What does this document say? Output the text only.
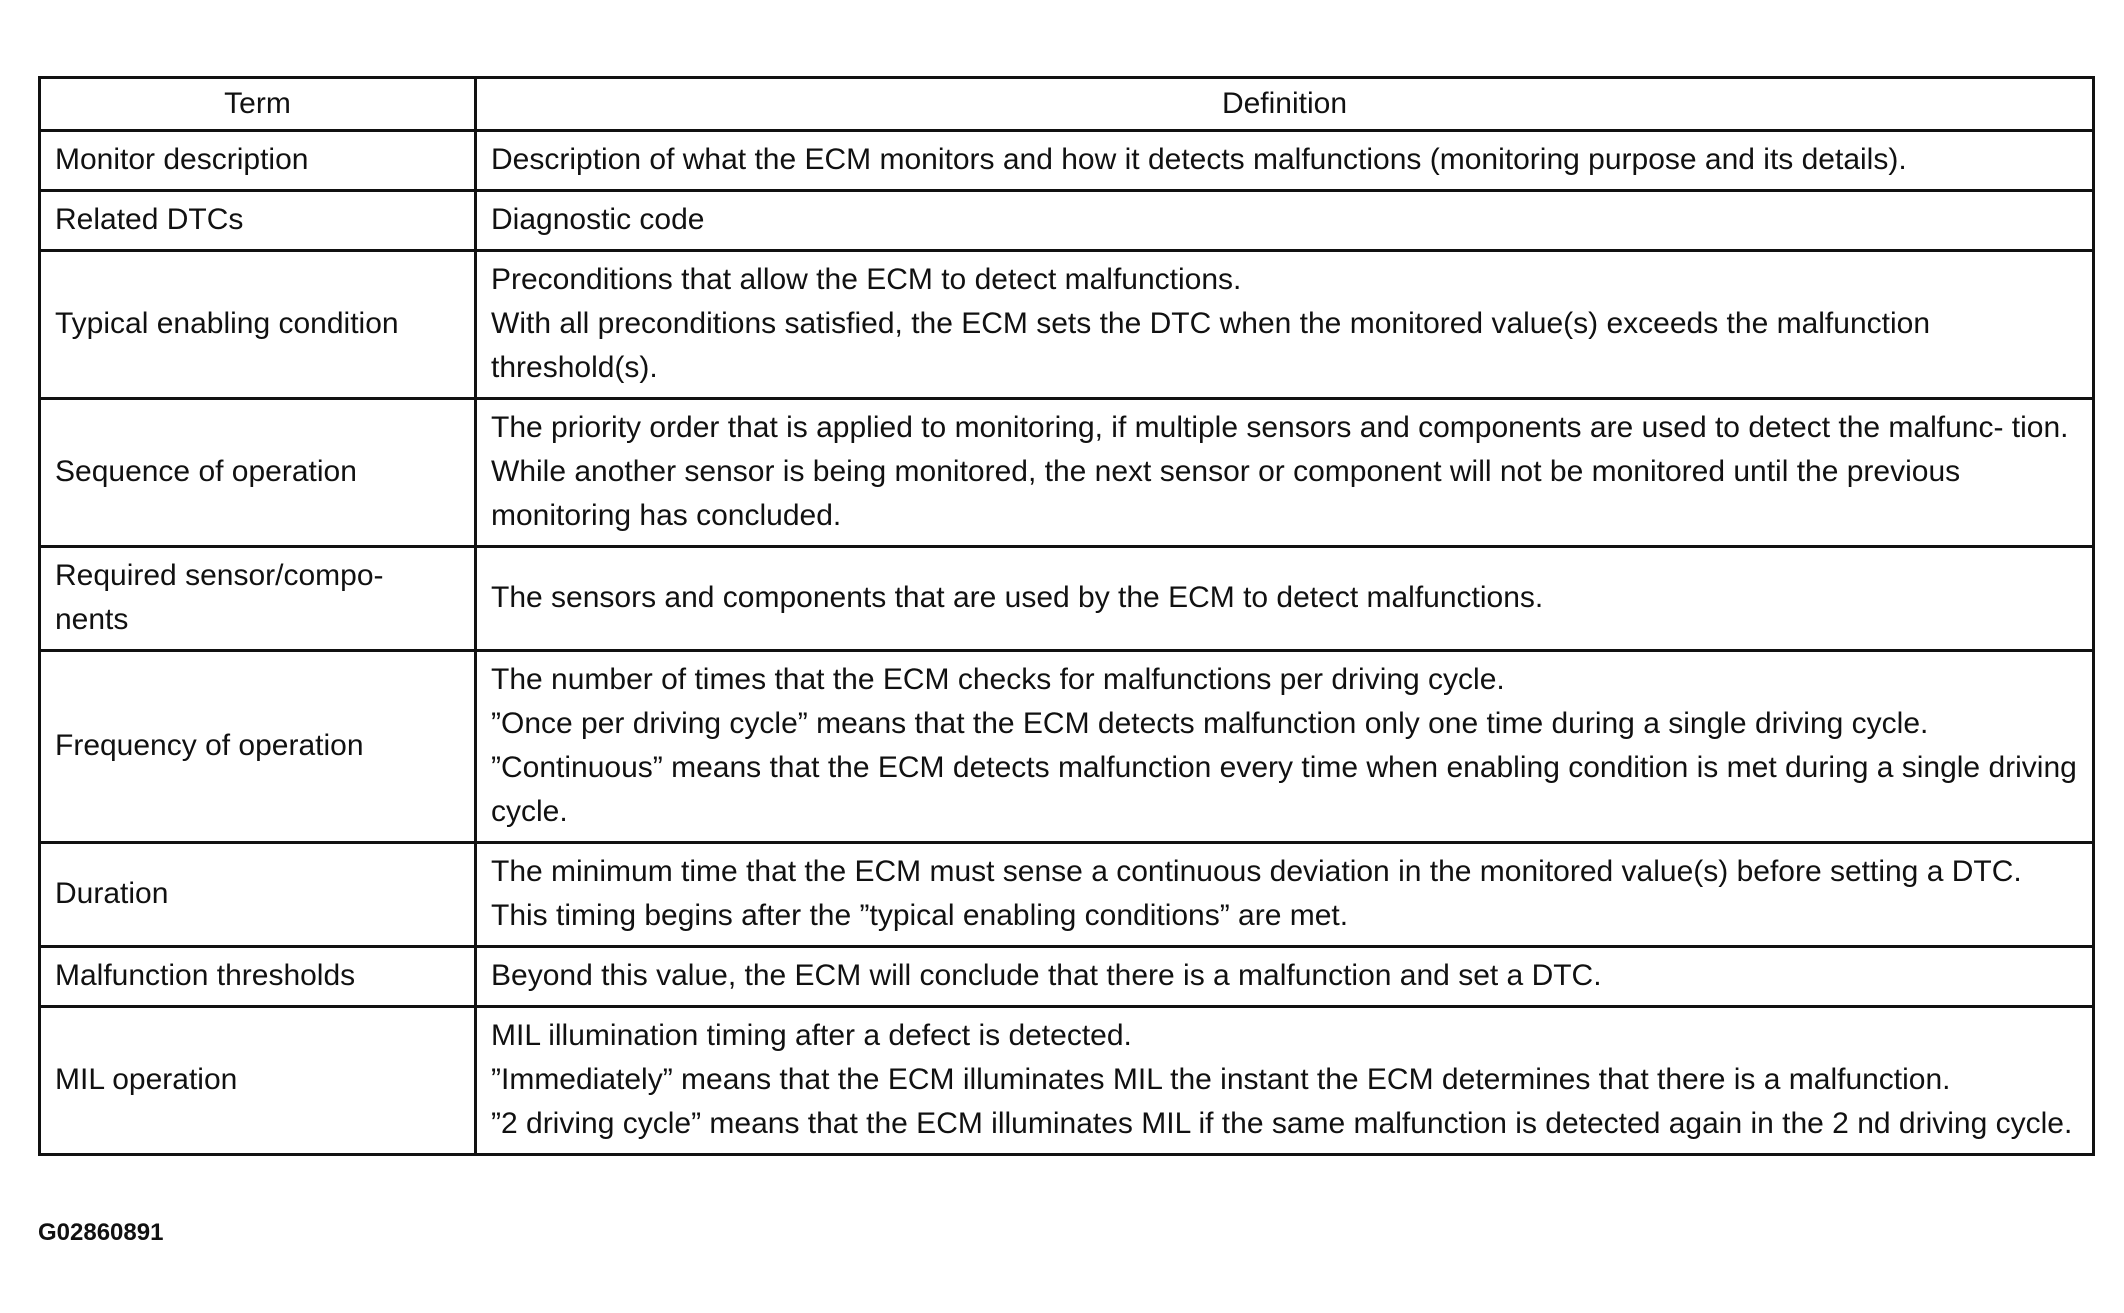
Term	Definition
Monitor description	Description of what the ECM monitors and how it detects malfunctions (monitoring purpose and its details).

Related DTCs	Diagnostic code

Typical enabling condition	Preconditions that allow the ECM to detect malfunctions.
With all preconditions satisfied, the ECM sets the DTC when the monitored value(s) exceeds the malfunction threshold(s).

Sequence of operation	The priority order that is applied to monitoring, if multiple sensors and components are used to detect the malfunc- tion.
While another sensor is being monitored, the next sensor or component will not be monitored until the previous monitoring has concluded.

Required sensor/compo- nents	The sensors and components that are used by the ECM to detect malfunctions.

Frequency of operation	The number of times that the ECM checks for malfunctions per driving cycle.
”Once per driving cycle” means that the ECM detects malfunction only one time during a single driving cycle.
”Continuous” means that the ECM detects malfunction every time when enabling condition is met during a single driving cycle.

Duration	The minimum time that the ECM must sense a continuous deviation in the monitored value(s) before setting a DTC. This timing begins after the ”typical enabling conditions” are met.

Malfunction thresholds	Beyond this value, the ECM will conclude that there is a malfunction and set a DTC.

MIL operation	MIL illumination timing after a defect is detected.
”Immediately” means that the ECM illuminates MIL the instant the ECM determines that there is a malfunction.
”2 driving cycle” means that the ECM illuminates MIL if the same malfunction is detected again in the 2 nd driving cycle.
G02860891
